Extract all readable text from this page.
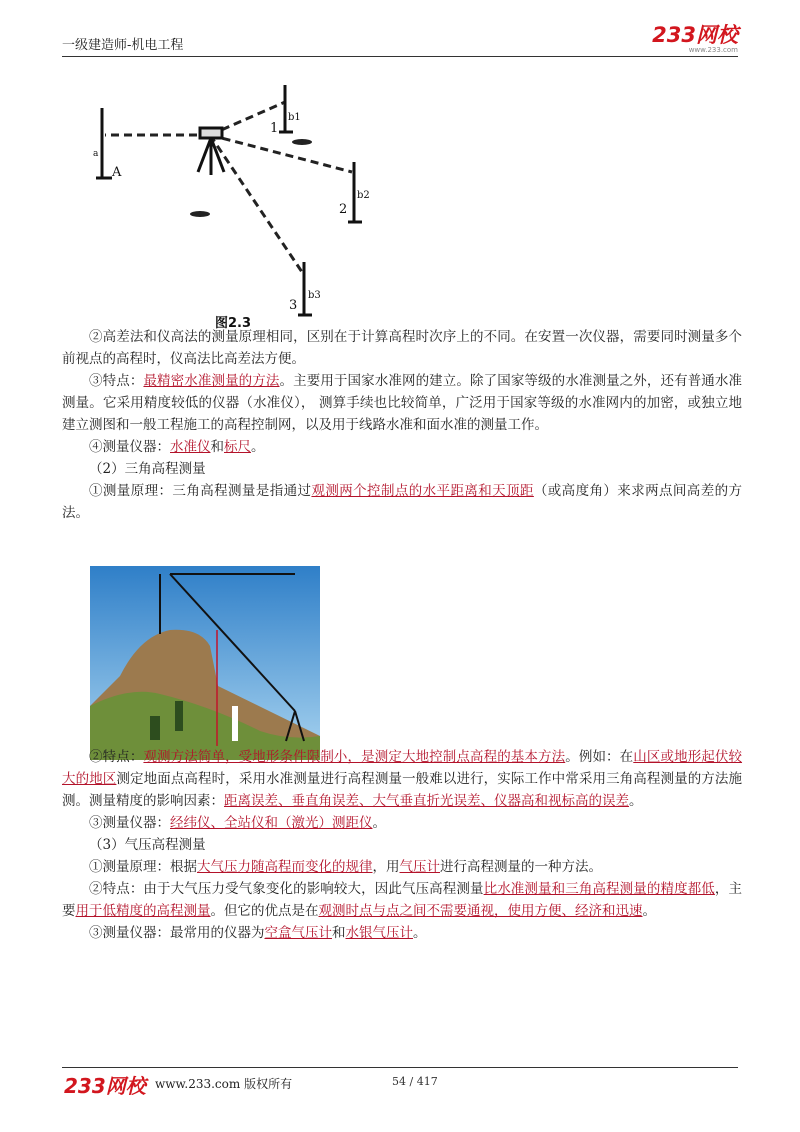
一级建造师-机电工程	233网校
www.233.com
a
A
b1
1
b2
2
b3
3
图2.3

②高差法和仪高法的测量原理相同，区别在于计算高程时次序上的不同。在安置一次仪器，需要同时测量多个前视点的高程时，仪高法比高差法方便。

③特点：最精密水准测量的方法。主要用于国家水准网的建立。除了国家等级的水准测量之外，还有普通水准测量。它采用精度较低的仪器（水准仪）， 测算手续也比较简单，广泛用于国家等级的水准网内的加密，或独立地建立测图和一般工程施工的高程控制网，以及用于线路水准和面水准的测量工作。

④测量仪器：水准仪和标尺。

（2）三角高程测量

①测量原理：三角高程测量是指通过观测两个控制点的水平距离和天顶距（或高度角）来求两点间高差的方法。

②特点：观测方法简单，受地形条件限制小，是测定大地控制点高程的基本方法。例如：在山区或地形起伏较大的地区测定地面点高程时，采用水准测量进行高程测量一般难以进行，实际工作中常采用三角高程测量的方法施测。测量精度的影响因素：距离误差、垂直角误差、大气垂直折光误差、仪器高和视标高的误差。

③测量仪器：经纬仪、全站仪和（激光）测距仪。

（3）气压高程测量

①测量原理：根据大气压力随高程而变化的规律，用气压计进行高程测量的一种方法。

②特点：由于大气压力受气象变化的影响较大，因此气压高程测量比水准测量和三角高程测量的精度都低，主要用于低精度的高程测量。但它的优点是在观测时点与点之间不需要通视，使用方便、经济和迅速。

③测量仪器：最常用的仪器为空盒气压计和水银气压计。

233网校 www.233.com 版权所有	54 / 417
